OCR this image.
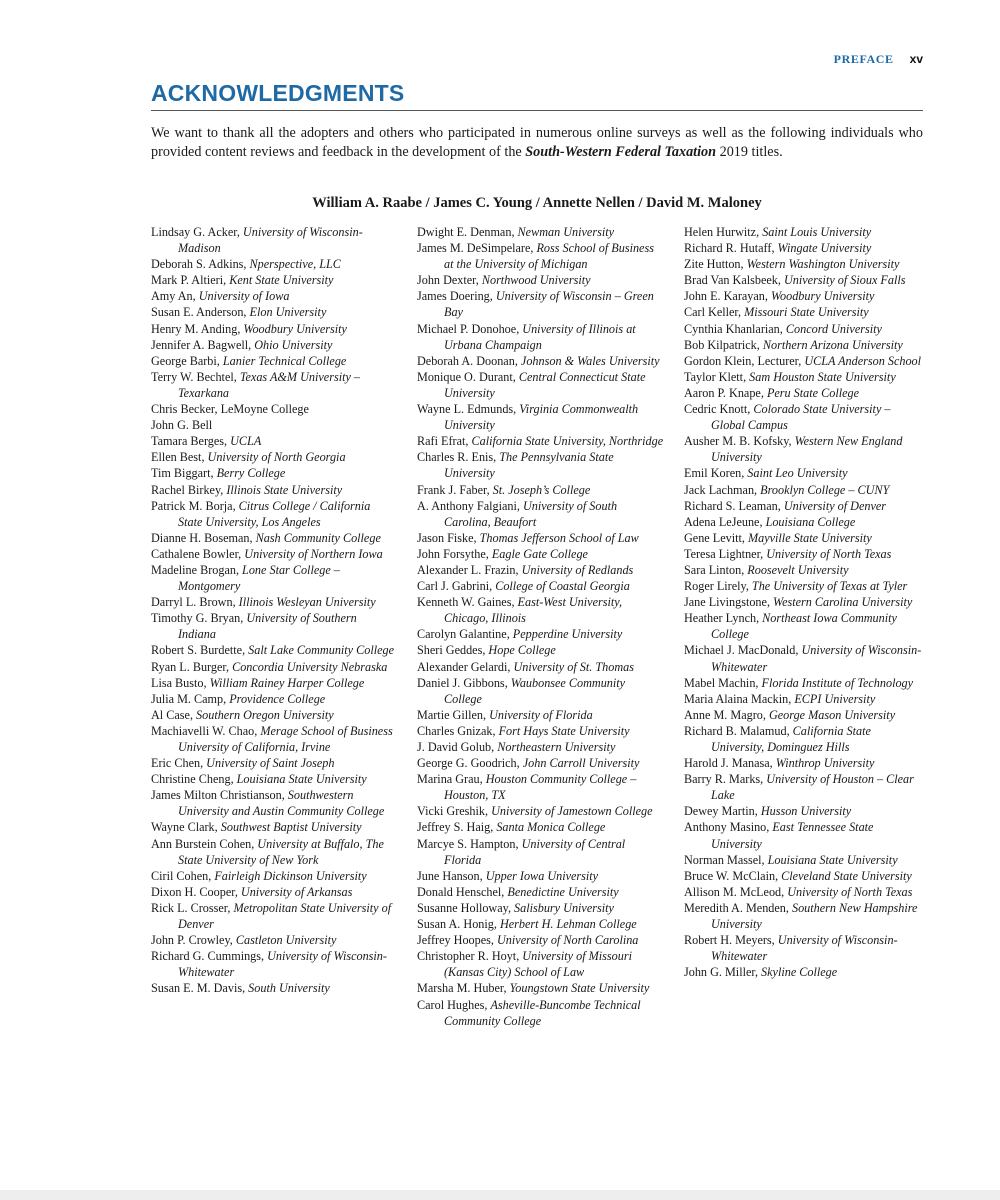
PREFACE xv
ACKNOWLEDGMENTS

We want to thank all the adopters and others who participated in numerous online surveys as well as the following individuals who provided content reviews and feedback in the development of the South-Western Federal Taxation 2019 titles.

William A. Raabe / James C. Young / Annette Nellen / David M. Maloney

Lindsay G. Acker, University of Wisconsin-Madison
Deborah S. Adkins, Nperspective, LLC
Mark P. Altieri, Kent State University
Amy An, University of Iowa
Susan E. Anderson, Elon University
Henry M. Anding, Woodbury University
Jennifer A. Bagwell, Ohio University
George Barbi, Lanier Technical College
Terry W. Bechtel, Texas A&M University – Texarkana
Chris Becker, LeMoyne College
John G. Bell
Tamara Berges, UCLA
Ellen Best, University of North Georgia
Tim Biggart, Berry College
Rachel Birkey, Illinois State University
Patrick M. Borja, Citrus College / California State University, Los Angeles
Dianne H. Boseman, Nash Community College
Cathalene Bowler, University of Northern Iowa
Madeline Brogan, Lone Star College – Montgomery
Darryl L. Brown, Illinois Wesleyan University
Timothy G. Bryan, University of Southern Indiana
Robert S. Burdette, Salt Lake Community College
Ryan L. Burger, Concordia University Nebraska
Lisa Busto, William Rainey Harper College
Julia M. Camp, Providence College
Al Case, Southern Oregon University
Machiavelli W. Chao, Merage School of Business University of California, Irvine
Eric Chen, University of Saint Joseph
Christine Cheng, Louisiana State University
James Milton Christianson, Southwestern University and Austin Community College
Wayne Clark, Southwest Baptist University
Ann Burstein Cohen, University at Buffalo, The State University of New York
Ciril Cohen, Fairleigh Dickinson University
Dixon H. Cooper, University of Arkansas
Rick L. Crosser, Metropolitan State University of Denver
John P. Crowley, Castleton University
Richard G. Cummings, University of Wisconsin-Whitewater
Susan E. M. Davis, South University
Dwight E. Denman, Newman University
James M. DeSimpelare, Ross School of Business at the University of Michigan
John Dexter, Northwood University
James Doering, University of Wisconsin – Green Bay
Michael P. Donohoe, University of Illinois at Urbana Champaign
Deborah A. Doonan, Johnson & Wales University
Monique O. Durant, Central Connecticut State University
Wayne L. Edmunds, Virginia Commonwealth University
Rafi Efrat, California State University, Northridge
Charles R. Enis, The Pennsylvania State University
Frank J. Faber, St. Joseph’s College
A. Anthony Falgiani, University of South Carolina, Beaufort
Jason Fiske, Thomas Jefferson School of Law
John Forsythe, Eagle Gate College
Alexander L. Frazin, University of Redlands
Carl J. Gabrini, College of Coastal Georgia
Kenneth W. Gaines, East-West University, Chicago, Illinois
Carolyn Galantine, Pepperdine University
Sheri Geddes, Hope College
Alexander Gelardi, University of St. Thomas
Daniel J. Gibbons, Waubonsee Community College
Martie Gillen, University of Florida
Charles Gnizak, Fort Hays State University
J. David Golub, Northeastern University
George G. Goodrich, John Carroll University
Marina Grau, Houston Community College – Houston, TX
Vicki Greshik, University of Jamestown College
Jeffrey S. Haig, Santa Monica College
Marcye S. Hampton, University of Central Florida
June Hanson, Upper Iowa University
Donald Henschel, Benedictine University
Susanne Holloway, Salisbury University
Susan A. Honig, Herbert H. Lehman College
Jeffrey Hoopes, University of North Carolina
Christopher R. Hoyt, University of Missouri (Kansas City) School of Law
Marsha M. Huber, Youngstown State University
Carol Hughes, Asheville-Buncombe Technical Community College
Helen Hurwitz, Saint Louis University
Richard R. Hutaff, Wingate University
Zite Hutton, Western Washington University
Brad Van Kalsbeek, University of Sioux Falls
John E. Karayan, Woodbury University
Carl Keller, Missouri State University
Cynthia Khanlarian, Concord University
Bob Kilpatrick, Northern Arizona University
Gordon Klein, Lecturer, UCLA Anderson School
Taylor Klett, Sam Houston State University
Aaron P. Knape, Peru State College
Cedric Knott, Colorado State University – Global Campus
Ausher M. B. Kofsky, Western New England University
Emil Koren, Saint Leo University
Jack Lachman, Brooklyn College – CUNY
Richard S. Leaman, University of Denver
Adena LeJeune, Louisiana College
Gene Levitt, Mayville State University
Teresa Lightner, University of North Texas
Sara Linton, Roosevelt University
Roger Lirely, The University of Texas at Tyler
Jane Livingstone, Western Carolina University
Heather Lynch, Northeast Iowa Community College
Michael J. MacDonald, University of Wisconsin-Whitewater
Mabel Machin, Florida Institute of Technology
Maria Alaina Mackin, ECPI University
Anne M. Magro, George Mason University
Richard B. Malamud, California State University, Dominguez Hills
Harold J. Manasa, Winthrop University
Barry R. Marks, University of Houston – Clear Lake
Dewey Martin, Husson University
Anthony Masino, East Tennessee State University
Norman Massel, Louisiana State University
Bruce W. McClain, Cleveland State University
Allison M. McLeod, University of North Texas
Meredith A. Menden, Southern New Hampshire University
Robert H. Meyers, University of Wisconsin-Whitewater
John G. Miller, Skyline College
